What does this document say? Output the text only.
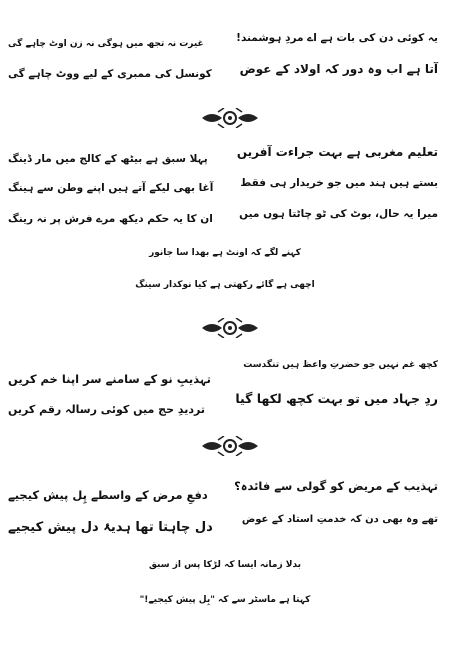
یہ کوئی دن کی بات ہے اے مردِ ہوشمند!
غیرت نہ تجھ میں ہوگی نہ زن اوٹ چاہے گی
آتا ہے اب وہ دور کہ اولاد کے عوض
کونسل کی ممبری کے لیے ووٹ چاہے گی
تعلیم مغربی ہے بہت جراءت آفریں
پہلا سبق ہے بیٹھ کے کالج میں مار ڈینگ
بستے ہیں ہند میں جو خریدار ہی فقط
آغا بھی لیکے آتے ہیں اپنے وطن سے ہینگ
میرا یہ حال، بوٹ کی ٹو چاٹتا ہوں میں
ان کا یہ حکم دیکھ مرے فرش پر نہ رینگ
کہنے لگے کہ اونٹ ہے بھدا سا جانور
اچھی ہے گائے رکھتی ہے کیا نوکدار سینگ
کچھ غم نہیں جو حضرتِ واعظ ہیں تنگدست
تہذیبِ نو کے سامنے سر اپنا خم کریں
ردِ جہاد میں تو بہت کچھ لکھا گیا
تردیدِ حج میں کوئی رسالہ رقم کریں
تہذیب کے مریض کو گولی سے فائدہ؟
دفعِ مرض کے واسطے پِل پیش کیجیے
تھے وہ بھی دن کہ خدمتِ استاد کے عوض
دل چاہتا تھا ہدیۂ دل پیش کیجیے
بدلا زمانہ ایسا کہ لڑکا پس از سبق
کہتا ہے ماسٹر سے کہ "بِل پیش کیجیے!"
